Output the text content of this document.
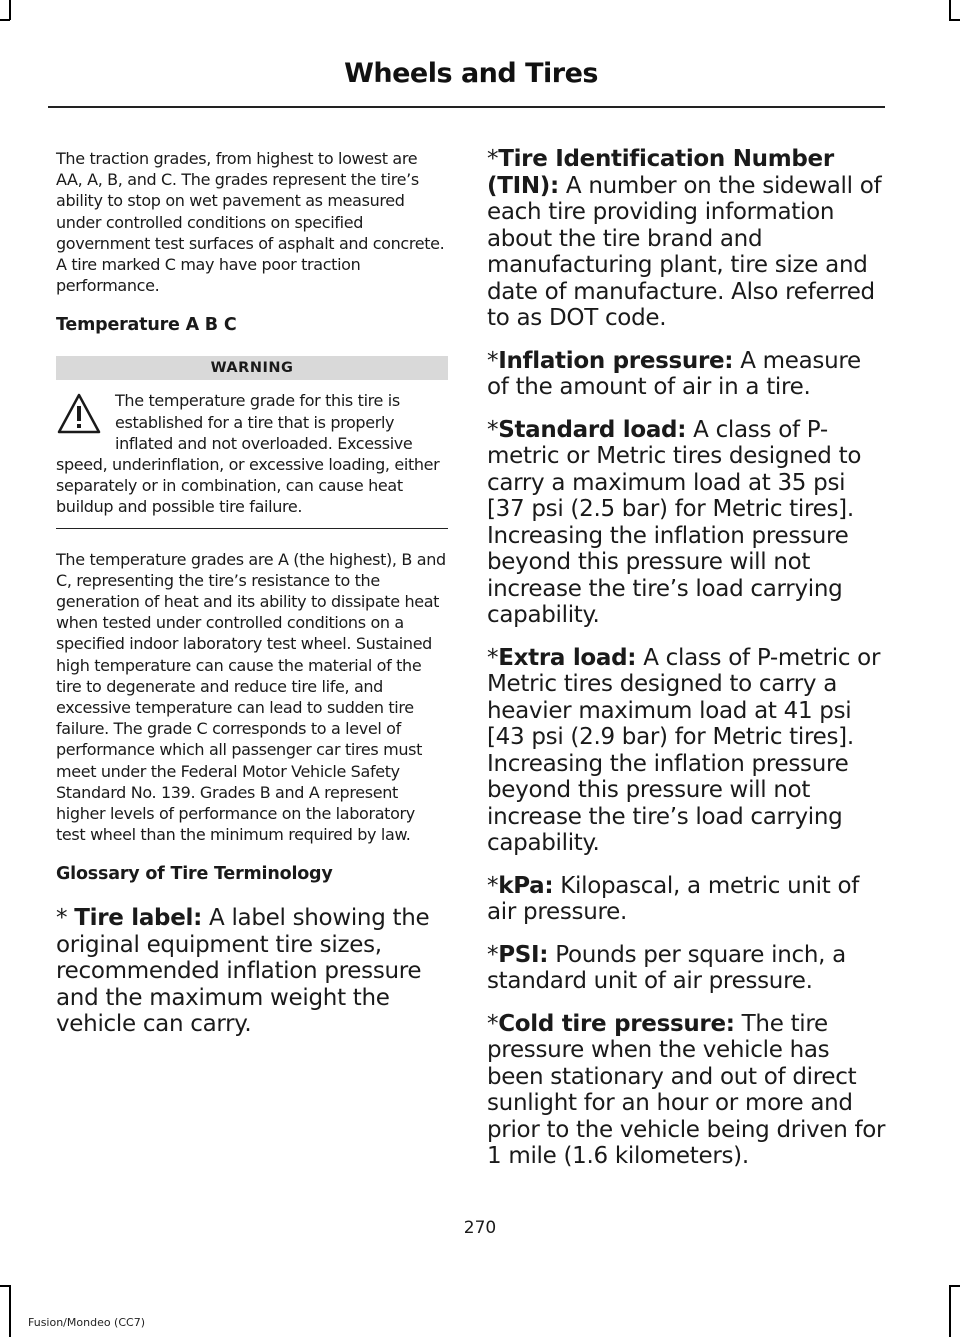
Wheels and Tires

The traction grades, from highest to lowest are AA, A, B, and C. The grades represent the tire’s ability to stop on wet pavement as measured under controlled conditions on specified government test surfaces of asphalt and concrete. A tire marked C may have poor traction performance.

Temperature A B C
WARNING
The temperature grade for this tire is established for a tire that is properly inflated and not overloaded. Excessive speed, underinflation, or excessive loading, either separately or in combination, can cause heat buildup and possible tire failure.

The temperature grades are A (the highest), B and C, representing the tire’s resistance to the generation of heat and its ability to dissipate heat when tested under controlled conditions on a specified indoor laboratory test wheel. Sustained high temperature can cause the material of the tire to degenerate and reduce tire life, and excessive temperature can lead to sudden tire failure. The grade C corresponds to a level of performance which all passenger car tires must meet under the Federal Motor Vehicle Safety Standard No. 139. Grades B and A represent higher levels of performance on the laboratory test wheel than the minimum required by law.

Glossary of Tire Terminology

* Tire label: A label showing the original equipment tire sizes, recommended inflation pressure and the maximum weight the vehicle can carry.

*Tire Identification Number (TIN): A number on the sidewall of each tire providing information about the tire brand and manufacturing plant, tire size and date of manufacture. Also referred to as DOT code.

*Inflation pressure: A measure of the amount of air in a tire.

*Standard load: A class of P-metric or Metric tires designed to carry a maximum load at 35 psi [37 psi (2.5 bar) for Metric tires]. Increasing the inflation pressure beyond this pressure will not increase the tire’s load carrying capability.

*Extra load: A class of P-metric or Metric tires designed to carry a heavier maximum load at 41 psi [43 psi (2.9 bar) for Metric tires]. Increasing the inflation pressure beyond this pressure will not increase the tire’s load carrying capability.

*kPa: Kilopascal, a metric unit of air pressure.

*PSI: Pounds per square inch, a standard unit of air pressure.

*Cold tire pressure: The tire pressure when the vehicle has been stationary and out of direct sunlight for an hour or more and prior to the vehicle being driven for 1 mile (1.6 kilometers).

270
Fusion/Mondeo (CC7)
